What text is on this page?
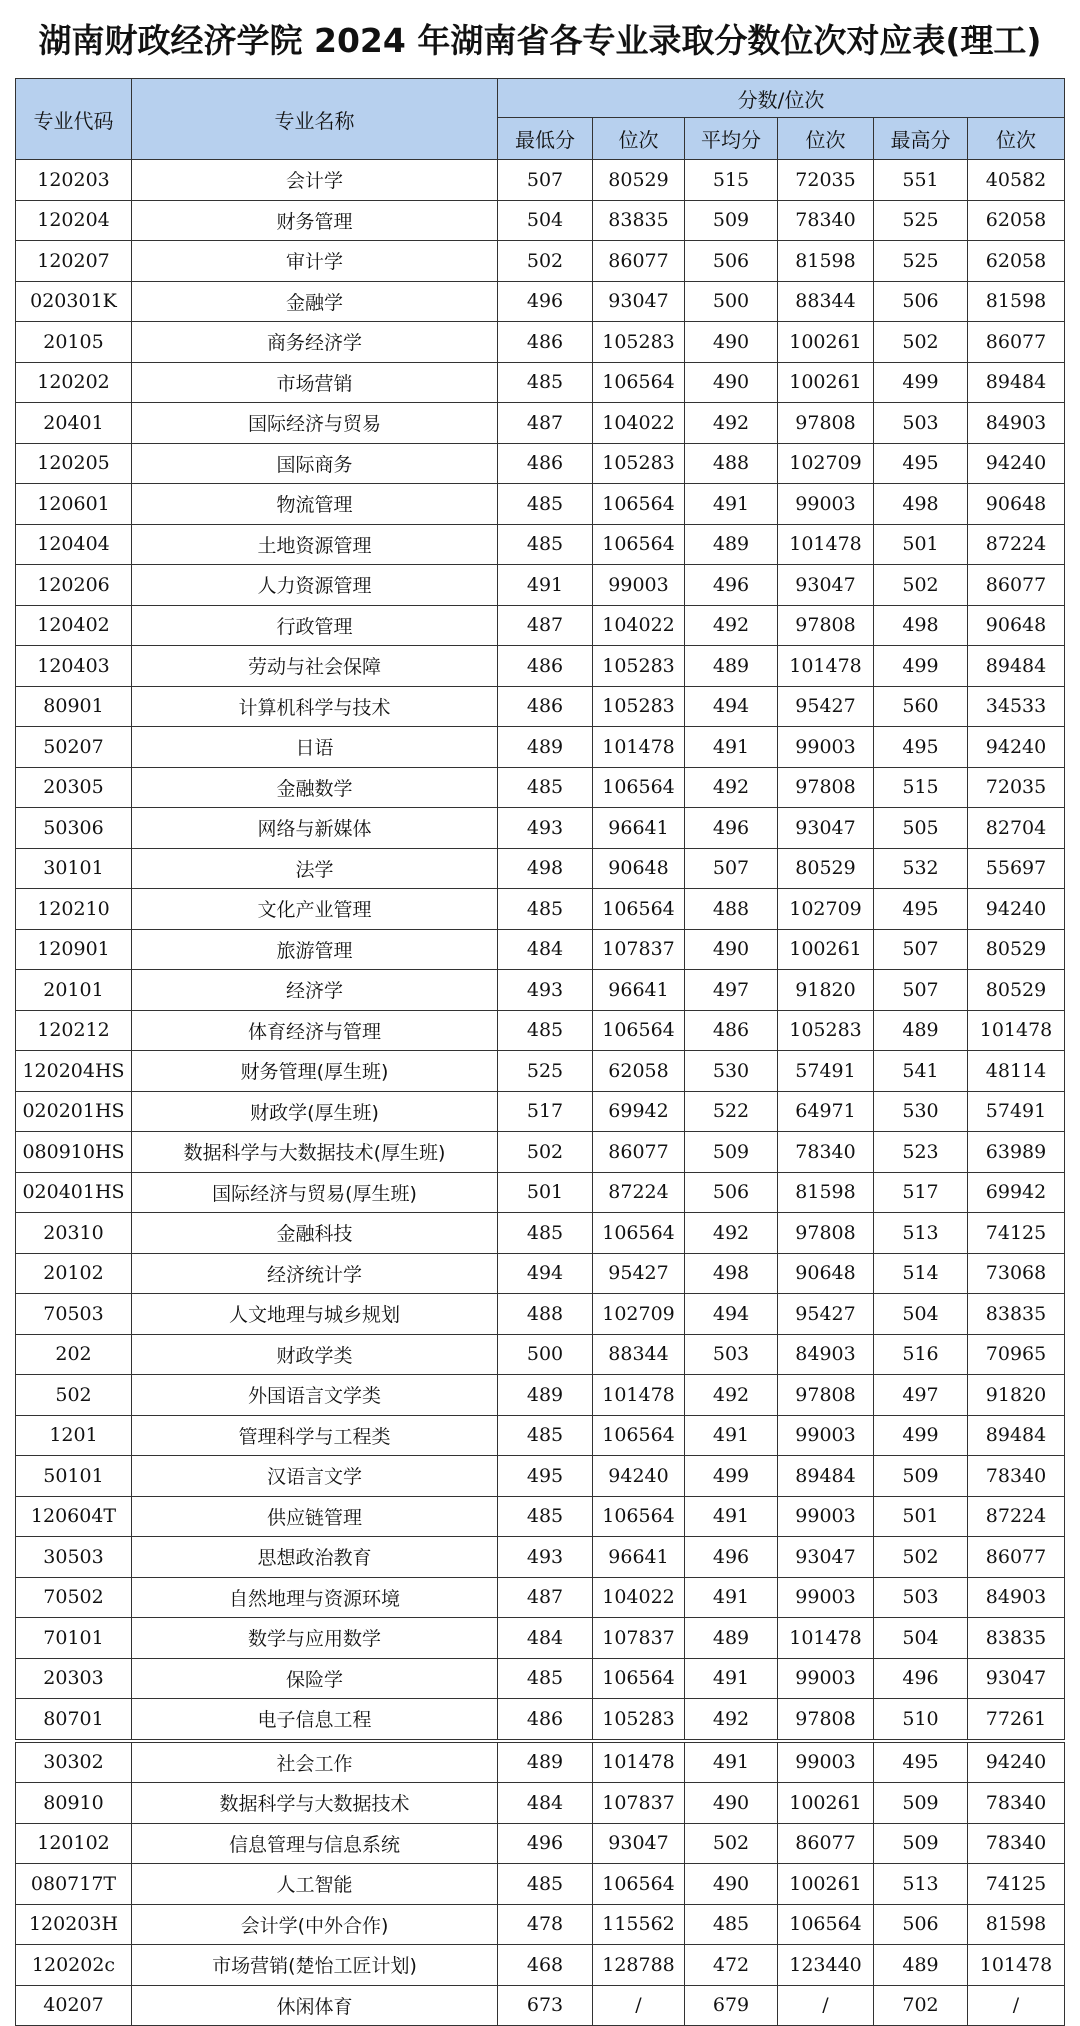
湖南财政经济学院 2024 年湖南省各专业录取分数位次对应表(理工)
专业代码	专业名称	分数/位次					
		最低分	位次	平均分	位次	最高分	位次
120203	会计学	507	80529	515	72035	551	40582
120204	财务管理	504	83835	509	78340	525	62058
120207	审计学	502	86077	506	81598	525	62058
020301K	金融学	496	93047	500	88344	506	81598
20105	商务经济学	486	105283	490	100261	502	86077
120202	市场营销	485	106564	490	100261	499	89484
20401	国际经济与贸易	487	104022	492	97808	503	84903
120205	国际商务	486	105283	488	102709	495	94240
120601	物流管理	485	106564	491	99003	498	90648
120404	土地资源管理	485	106564	489	101478	501	87224
120206	人力资源管理	491	99003	496	93047	502	86077
120402	行政管理	487	104022	492	97808	498	90648
120403	劳动与社会保障	486	105283	489	101478	499	89484
80901	计算机科学与技术	486	105283	494	95427	560	34533
50207	日语	489	101478	491	99003	495	94240
20305	金融数学	485	106564	492	97808	515	72035
50306	网络与新媒体	493	96641	496	93047	505	82704
30101	法学	498	90648	507	80529	532	55697
120210	文化产业管理	485	106564	488	102709	495	94240
120901	旅游管理	484	107837	490	100261	507	80529
20101	经济学	493	96641	497	91820	507	80529
120212	体育经济与管理	485	106564	486	105283	489	101478
120204HS	财务管理(厚生班)	525	62058	530	57491	541	48114
020201HS	财政学(厚生班)	517	69942	522	64971	530	57491
080910HS	数据科学与大数据技术(厚生班)	502	86077	509	78340	523	63989
020401HS	国际经济与贸易(厚生班)	501	87224	506	81598	517	69942
20310	金融科技	485	106564	492	97808	513	74125
20102	经济统计学	494	95427	498	90648	514	73068
70503	人文地理与城乡规划	488	102709	494	95427	504	83835
202	财政学类	500	88344	503	84903	516	70965
502	外国语言文学类	489	101478	492	97808	497	91820
1201	管理科学与工程类	485	106564	491	99003	499	89484
50101	汉语言文学	495	94240	499	89484	509	78340
120604T	供应链管理	485	106564	491	99003	501	87224
30503	思想政治教育	493	96641	496	93047	502	86077
70502	自然地理与资源环境	487	104022	491	99003	503	84903
70101	数学与应用数学	484	107837	489	101478	504	83835
20303	保险学	485	106564	491	99003	496	93047
80701	电子信息工程	486	105283	492	97808	510	77261
30302	社会工作	489	101478	491	99003	495	94240
80910	数据科学与大数据技术	484	107837	490	100261	509	78340
120102	信息管理与信息系统	496	93047	502	86077	509	78340
080717T	人工智能	485	106564	490	100261	513	74125
120203H	会计学(中外合作)	478	115562	485	106564	506	81598
120202c	市场营销(楚怡工匠计划)	468	128788	472	123440	489	101478
40207	休闲体育	673	/	679	/	702	/
